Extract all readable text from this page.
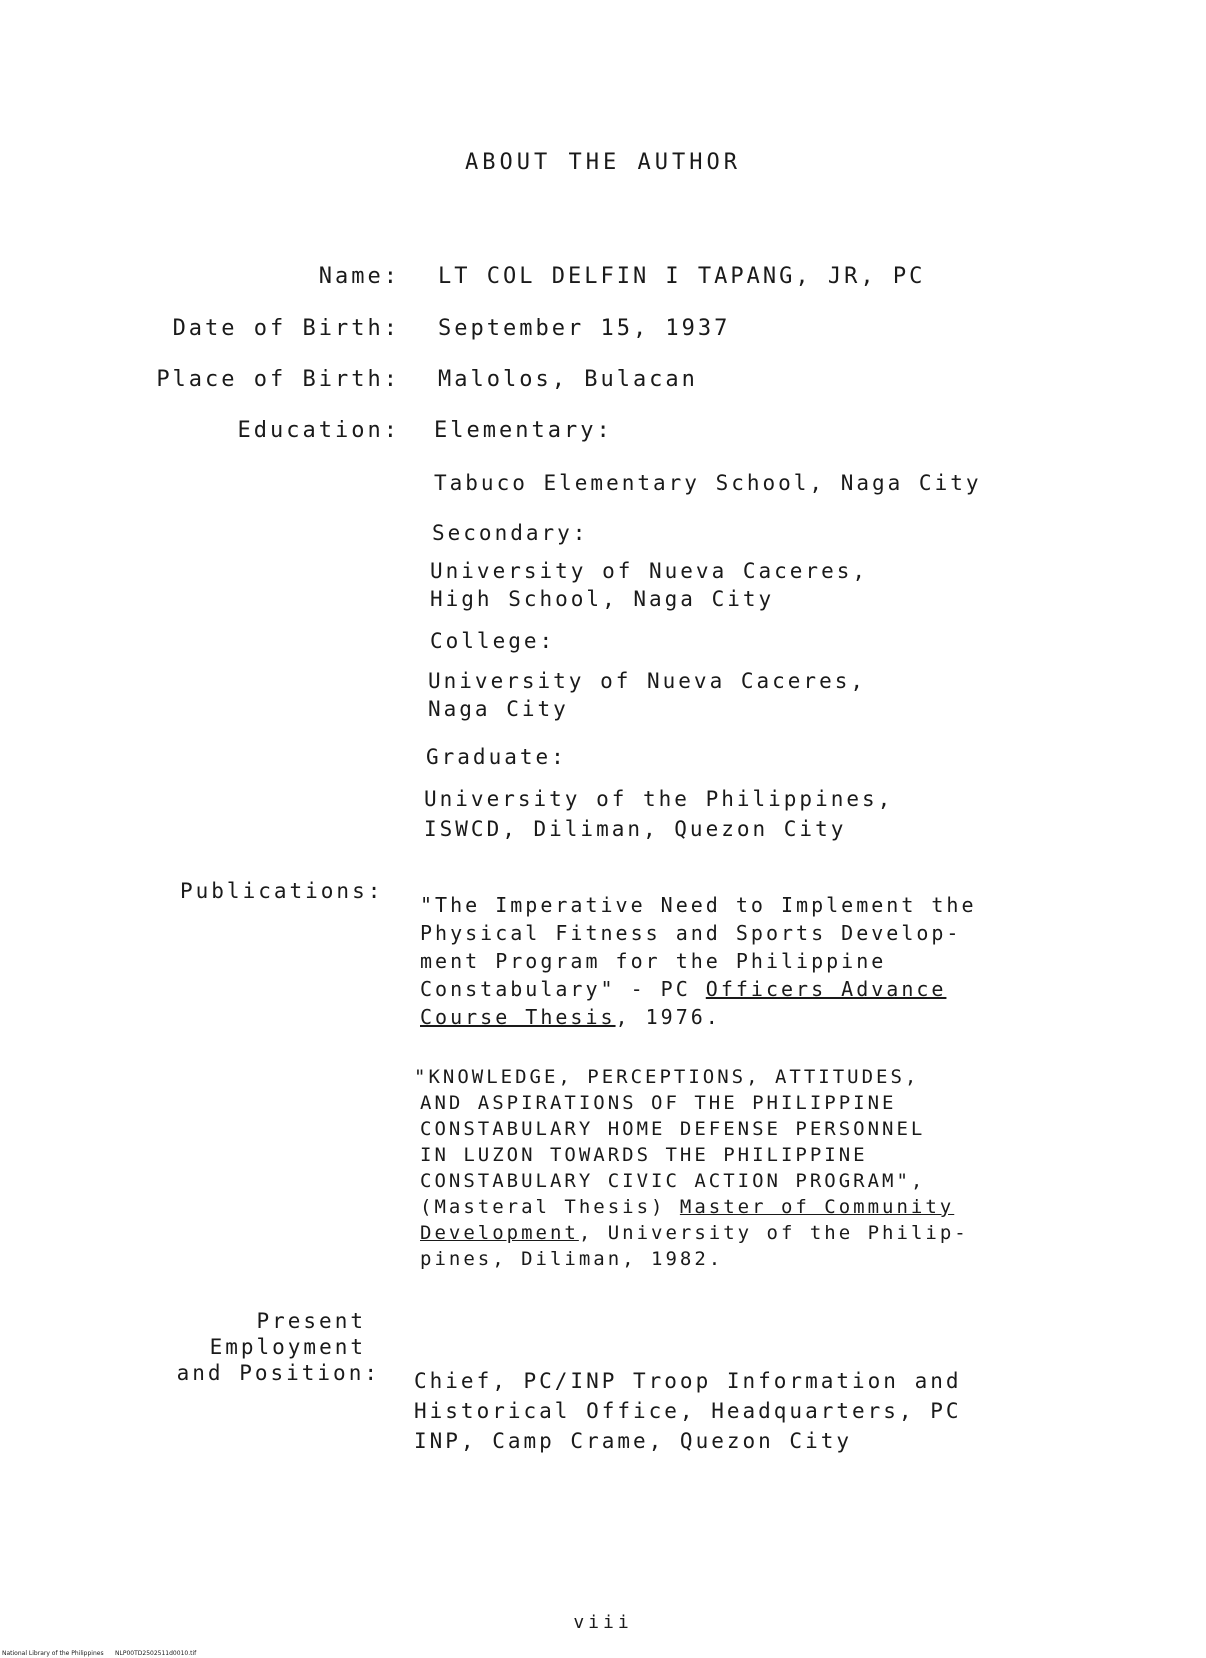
ABOUT THE AUTHOR
Name: LT COL DELFIN I TAPANG, JR, PC
Date of Birth: September 15, 1937
Place of Birth: Malolos, Bulacan
Education: Elementary:
Tabuco Elementary School, Naga City
Secondary:
University of Nueva Caceres,
High School, Naga City
College:
University of Nueva Caceres,
Naga City
Graduate:
University of the Philippines,
ISWCD, Diliman, Quezon City
Publications:
"The Imperative Need to Implement the
Physical Fitness and Sports Develop-
ment Program for the Philippine
Constabulary" - PC Officers Advance
Course Thesis, 1976.
"KNOWLEDGE, PERCEPTIONS, ATTITUDES,
AND ASPIRATIONS OF THE PHILIPPINE
CONSTABULARY HOME DEFENSE PERSONNEL
IN LUZON TOWARDS THE PHILIPPINE
CONSTABULARY CIVIC ACTION PROGRAM",
(Masteral Thesis) Master of Community
Development, University of the Philip-
pines, Diliman, 1982.
Present
Employment
and Position: Chief, PC/INP Troop Information and
Historical Office, Headquarters, PC
INP, Camp Crame, Quezon City
viii
National Library of the Philippines NLP00TD2502511d0010.tif
